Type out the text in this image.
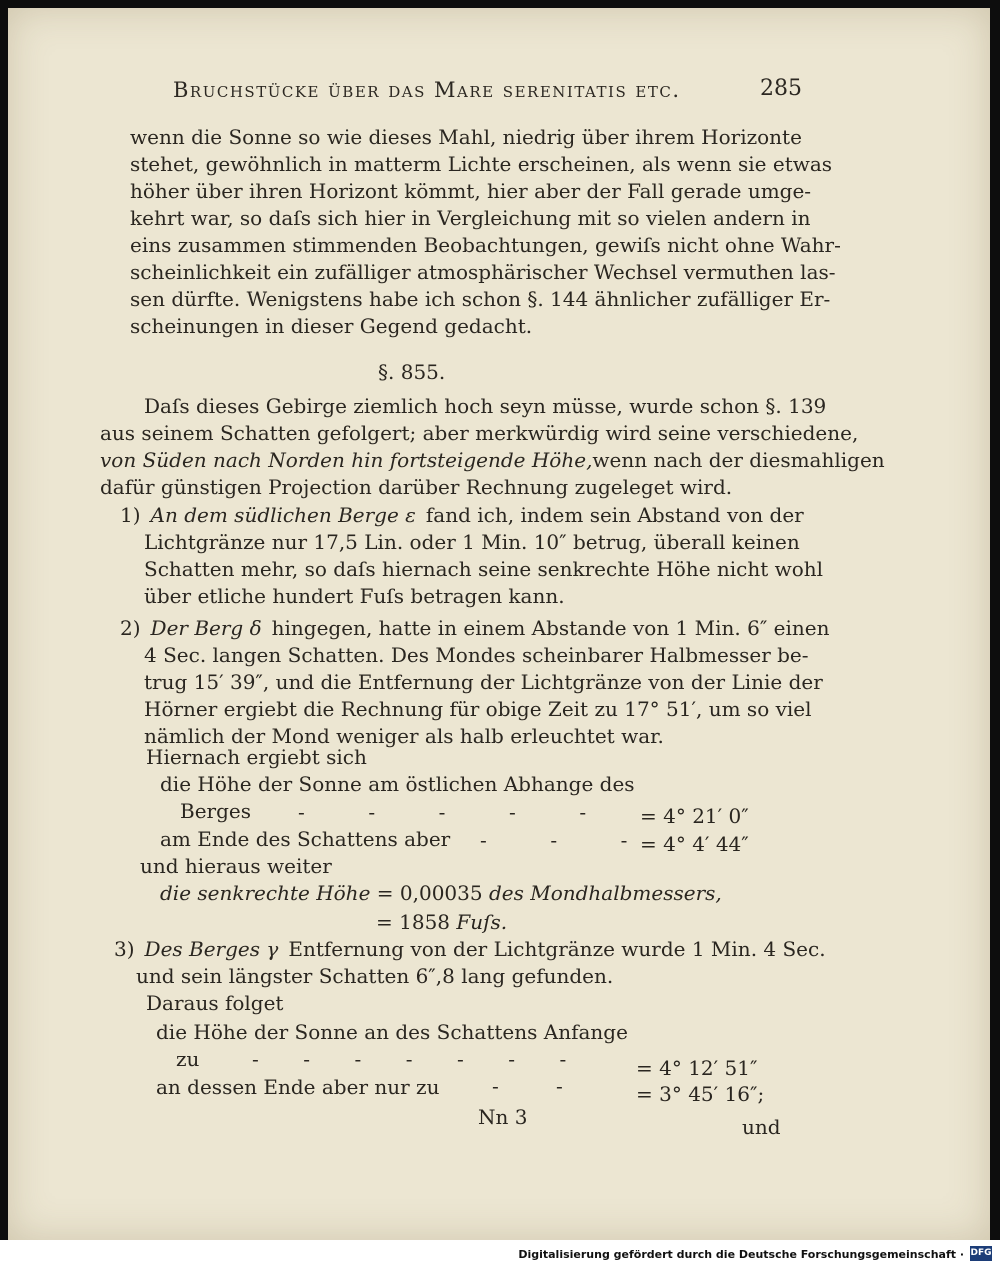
Bruchstücke über das Mare serenitatis etc.	285
wenn die Sonne so wie dieses Mahl, niedrig über ihrem Horizonte
stehet, gewöhnlich in matterm Lichte erscheinen, als wenn sie etwas
höher über ihren Horizont kömmt, hier aber der Fall gerade umge-
kehrt war, so daſs sich hier in Vergleichung mit so vielen andern in
eins zusammen stimmenden Beobachtungen, gewiſs nicht ohne Wahr-
scheinlichkeit ein zufälliger atmosphärischer Wechsel vermuthen las-
sen dürfte. Wenigstens habe ich schon §. 144 ähnlicher zufälliger Er-
scheinungen in dieser Gegend gedacht.
§. 855.
Daſs dieses Gebirge ziemlich hoch seyn müsse, wurde schon §. 139
aus seinem Schatten gefolgert; aber merkwürdig wird seine verschiedene,
von Süden nach Norden hin fortsteigende Höhe, wenn nach der diesmahligen
dafür günstigen Projection darüber Rechnung zugeleget wird.
1) An dem südlichen Berge ε fand ich, indem sein Abstand von der
Lichtgränze nur 17,5 Lin. oder 1 Min. 10″ betrug, überall keinen
Schatten mehr, so daſs hiernach seine senkrechte Höhe nicht wohl
über etliche hundert Fuſs betragen kann.
2) Der Berg δ hingegen, hatte in einem Abstande von 1 Min. 6″ einen
4 Sec. langen Schatten. Des Mondes scheinbarer Halbmesser be-
trug 15′ 39″, und die Entfernung der Lichtgränze von der Linie der
Hörner ergiebt die Rechnung für obige Zeit zu 17° 51′, um so viel
nämlich der Mond weniger als halb erleuchtet war.
Hiernach ergiebt sich
die Höhe der Sonne am östlichen Abhange des
Berges -          -          -          -          -	= 4° 21′ 0″
am Ende des Schattens aber -          -          - = 4° 4′ 44″
und hieraus weiter
die senkrechte Höhe = 0,00035 des Mondhalbmessers,
= 1858 Fuſs.
3) Des Berges γ Entfernung von der Lichtgränze wurde 1 Min. 4 Sec.
und sein längster Schatten 6″,8 lang gefunden.
Daraus folget
die Höhe der Sonne an des Schattens Anfange
zu	-       -       -       -       -       -       -	= 4° 12′ 51″
an dessen Ende aber nur zu	-         -	= 3° 45′ 16″;
Nn 3	und
Digitalisierung gefördert durch die Deutsche Forschungsgemeinschaft · DFG
